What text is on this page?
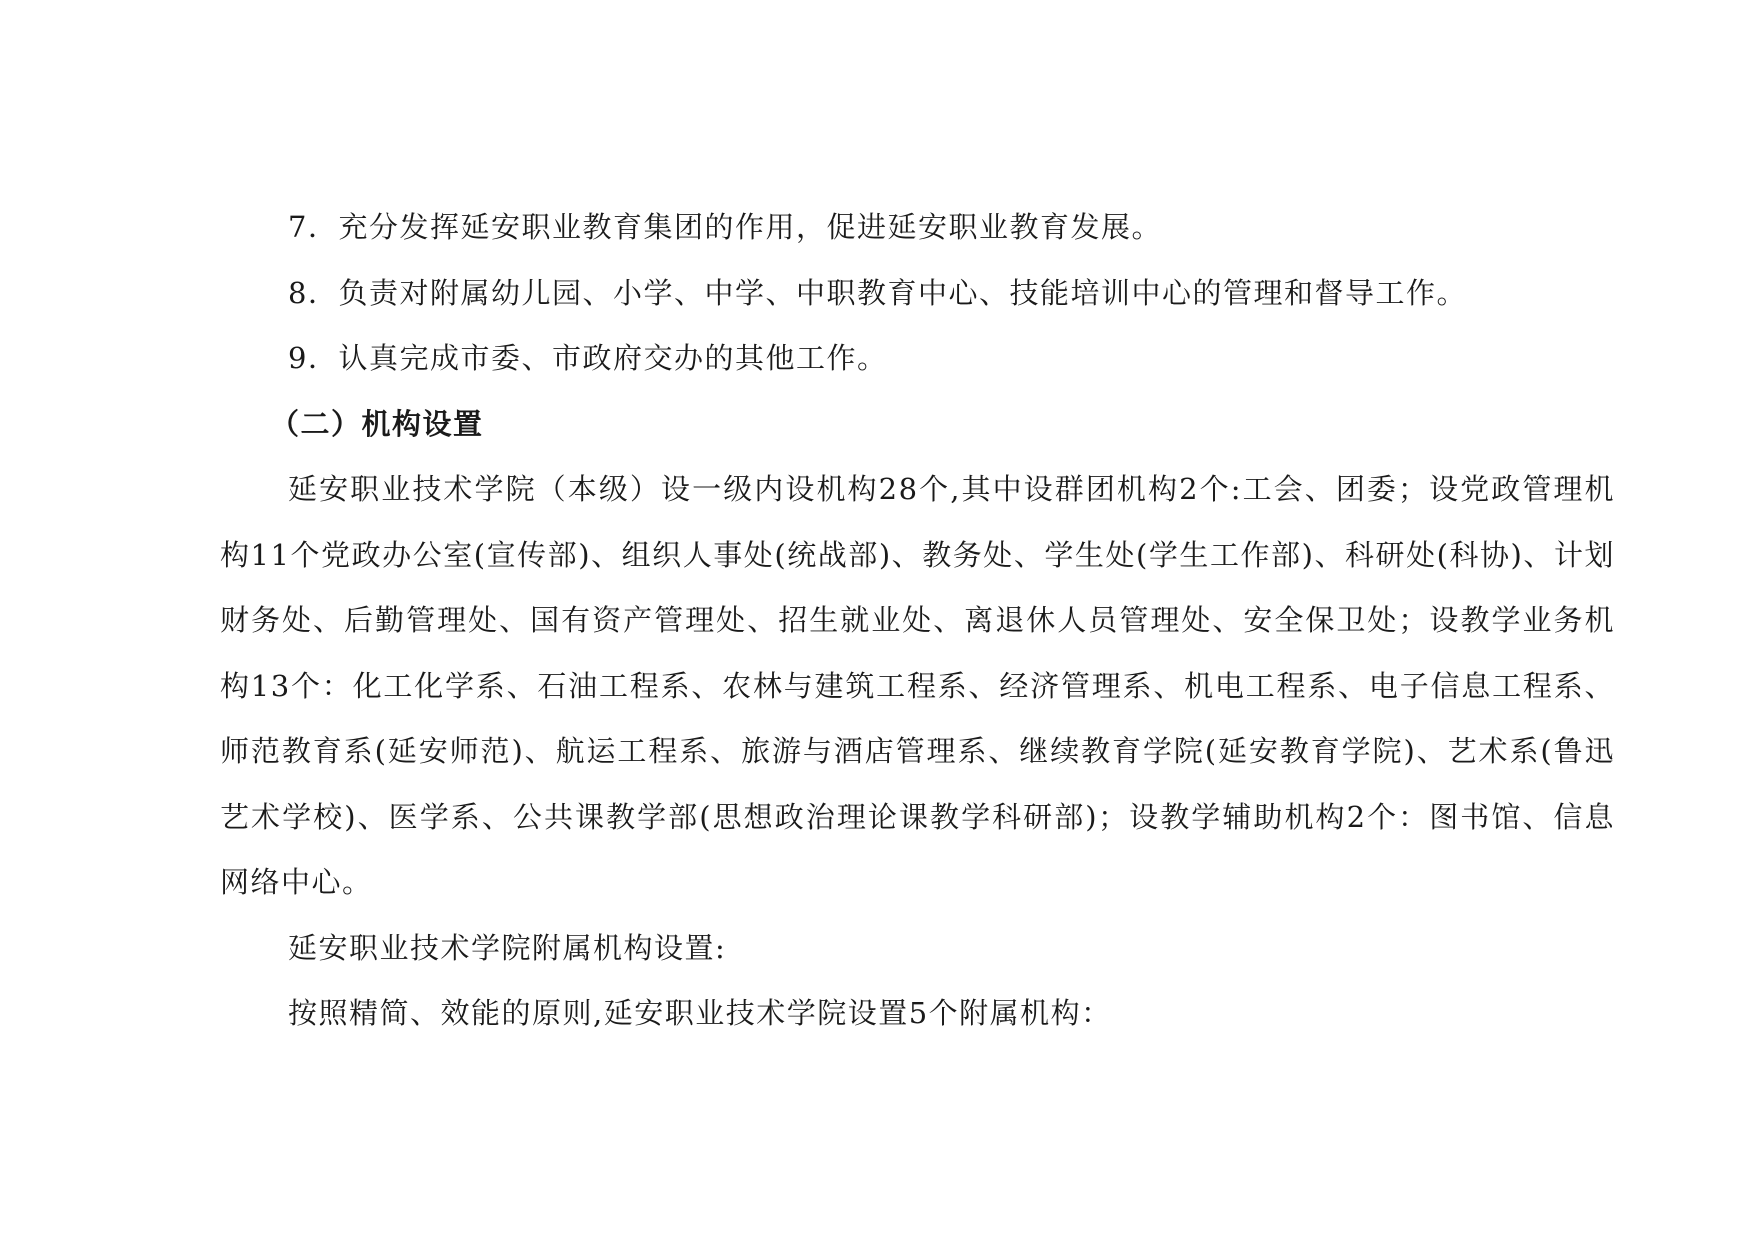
7．充分发挥延安职业教育集团的作用，促进延安职业教育发展。

8．负责对附属幼儿园、小学、中学、中职教育中心、技能培训中心的管理和督导工作。

9．认真完成市委、市政府交办的其他工作。

（二）机构设置

延安职业技术学院（本级）设一级内设机构28个,其中设群团机构2个:工会、团委；设党政管理机构11个党政办公室(宣传部)、组织人事处(统战部)、教务处、学生处(学生工作部)、科研处(科协)、计划财务处、后勤管理处、国有资产管理处、招生就业处、离退休人员管理处、安全保卫处；设教学业务机构13个：化工化学系、石油工程系、农林与建筑工程系、经济管理系、机电工程系、电子信息工程系、师范教育系(延安师范)、航运工程系、旅游与酒店管理系、继续教育学院(延安教育学院)、艺术系(鲁迅艺术学校)、医学系、公共课教学部(思想政治理论课教学科研部)；设教学辅助机构2个：图书馆、信息网络中心。

延安职业技术学院附属机构设置:

按照精简、效能的原则,延安职业技术学院设置5个附属机构：
